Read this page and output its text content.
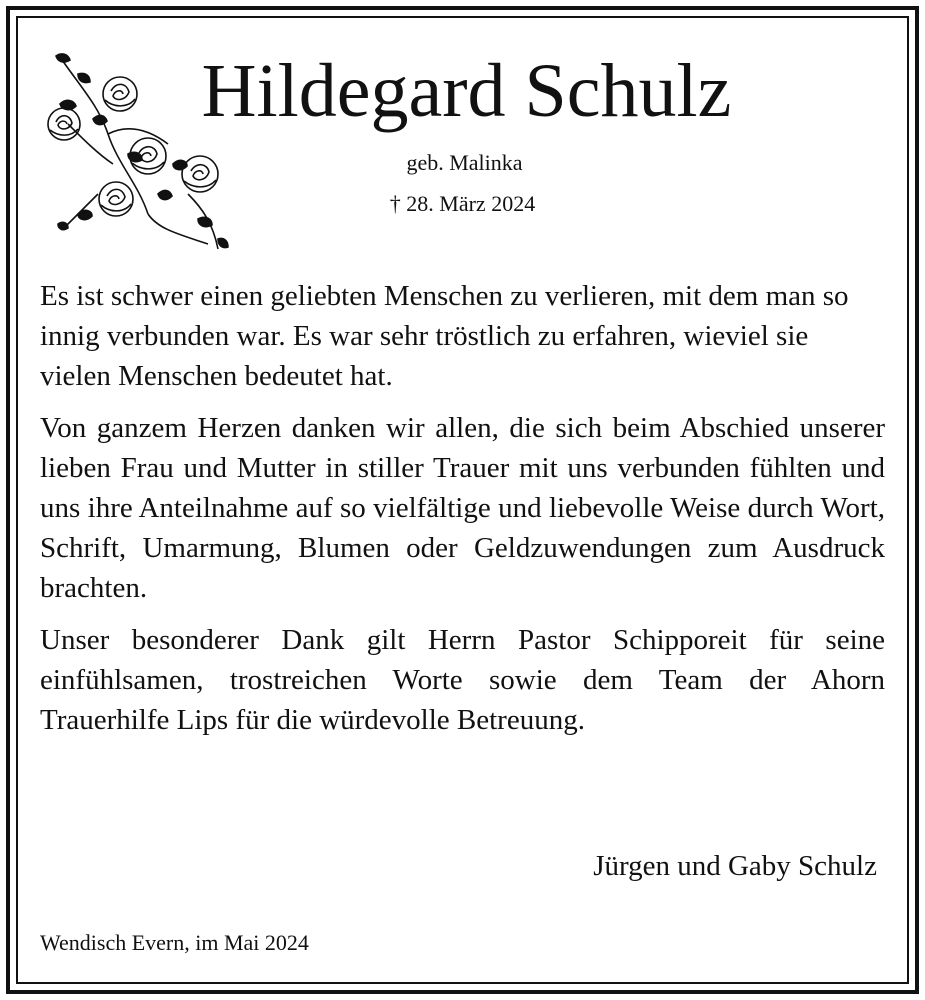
Hildegard Schulz
geb. Malinka
† 28. März 2024

Es ist schwer einen geliebten Menschen zu verlieren, mit dem man so innig verbunden war. Es war sehr tröstlich zu erfahren, wieviel sie vielen Menschen bedeutet hat.

Von ganzem Herzen danken wir allen, die sich beim Abschied unserer lieben Frau und Mutter in stiller Trauer mit uns verbunden fühlten und uns ihre Anteilnahme auf so vielfältige und liebevolle Weise durch Wort, Schrift, Umarmung, Blumen oder Geldzuwendungen zum Ausdruck brachten.

Unser besonderer Dank gilt Herrn Pastor Schipporeit für seine einfühlsamen, trostreichen Worte sowie dem Team der Ahorn Trauerhilfe Lips für die würdevolle Betreuung.

Jürgen und Gaby Schulz
Wendisch Evern, im Mai 2024
